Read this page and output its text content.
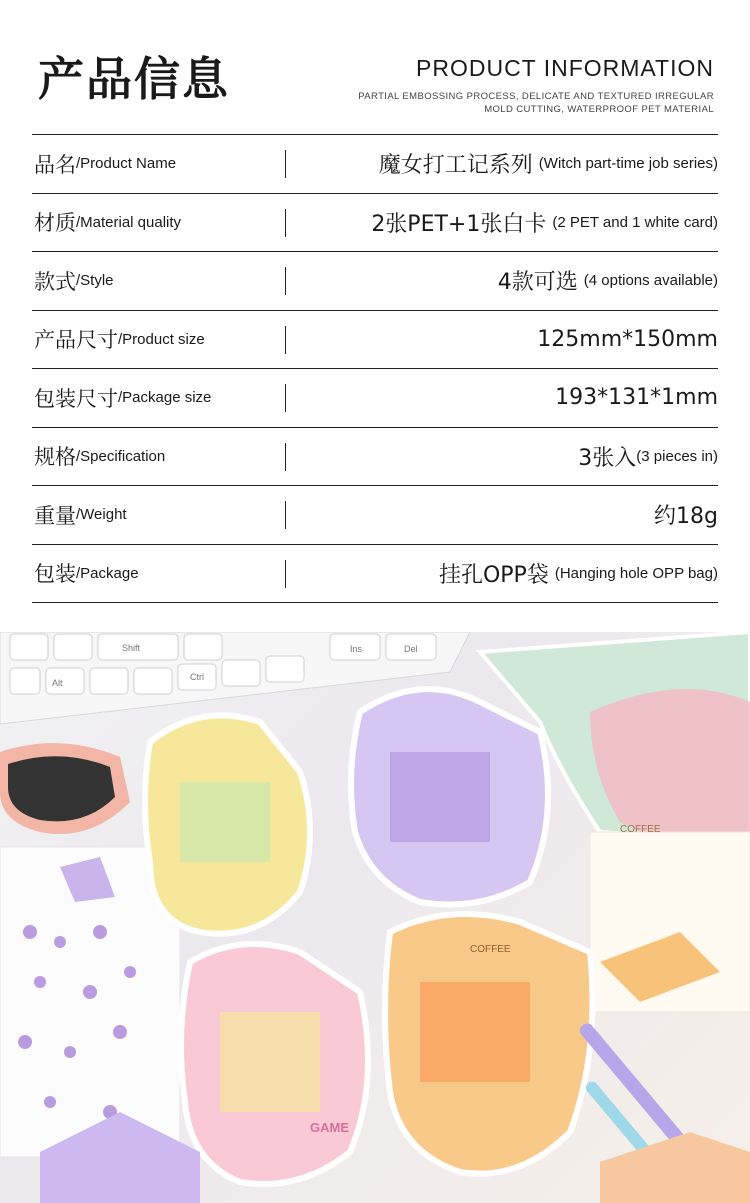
产品信息	PRODUCT INFORMATION
PARTIAL EMBOSSING PROCESS, DELICATE AND TEXTURED IRREGULAR
MOLD CUTTING, WATERPROOF PET MATERIAL
品名 /Product Name	魔女打工记系列 (Witch part-time job series)
材质 /Material quality	2张PET+1张白卡 (2 PET and 1 white card)
款式 /Style	4款可选 (4 options available)
产品尺寸 /Product size	125mm*150mm
包装尺寸 /Package size	193*131*1mm
规格 /Specification	3张入 (3 pieces in)
重量 /Weight	约18g
包装 /Package	挂孔OPP袋 (Hanging hole OPP bag)
Shift
Alt
Ctrl
Ins	Del
COFFEE
GAME
COFFEE
